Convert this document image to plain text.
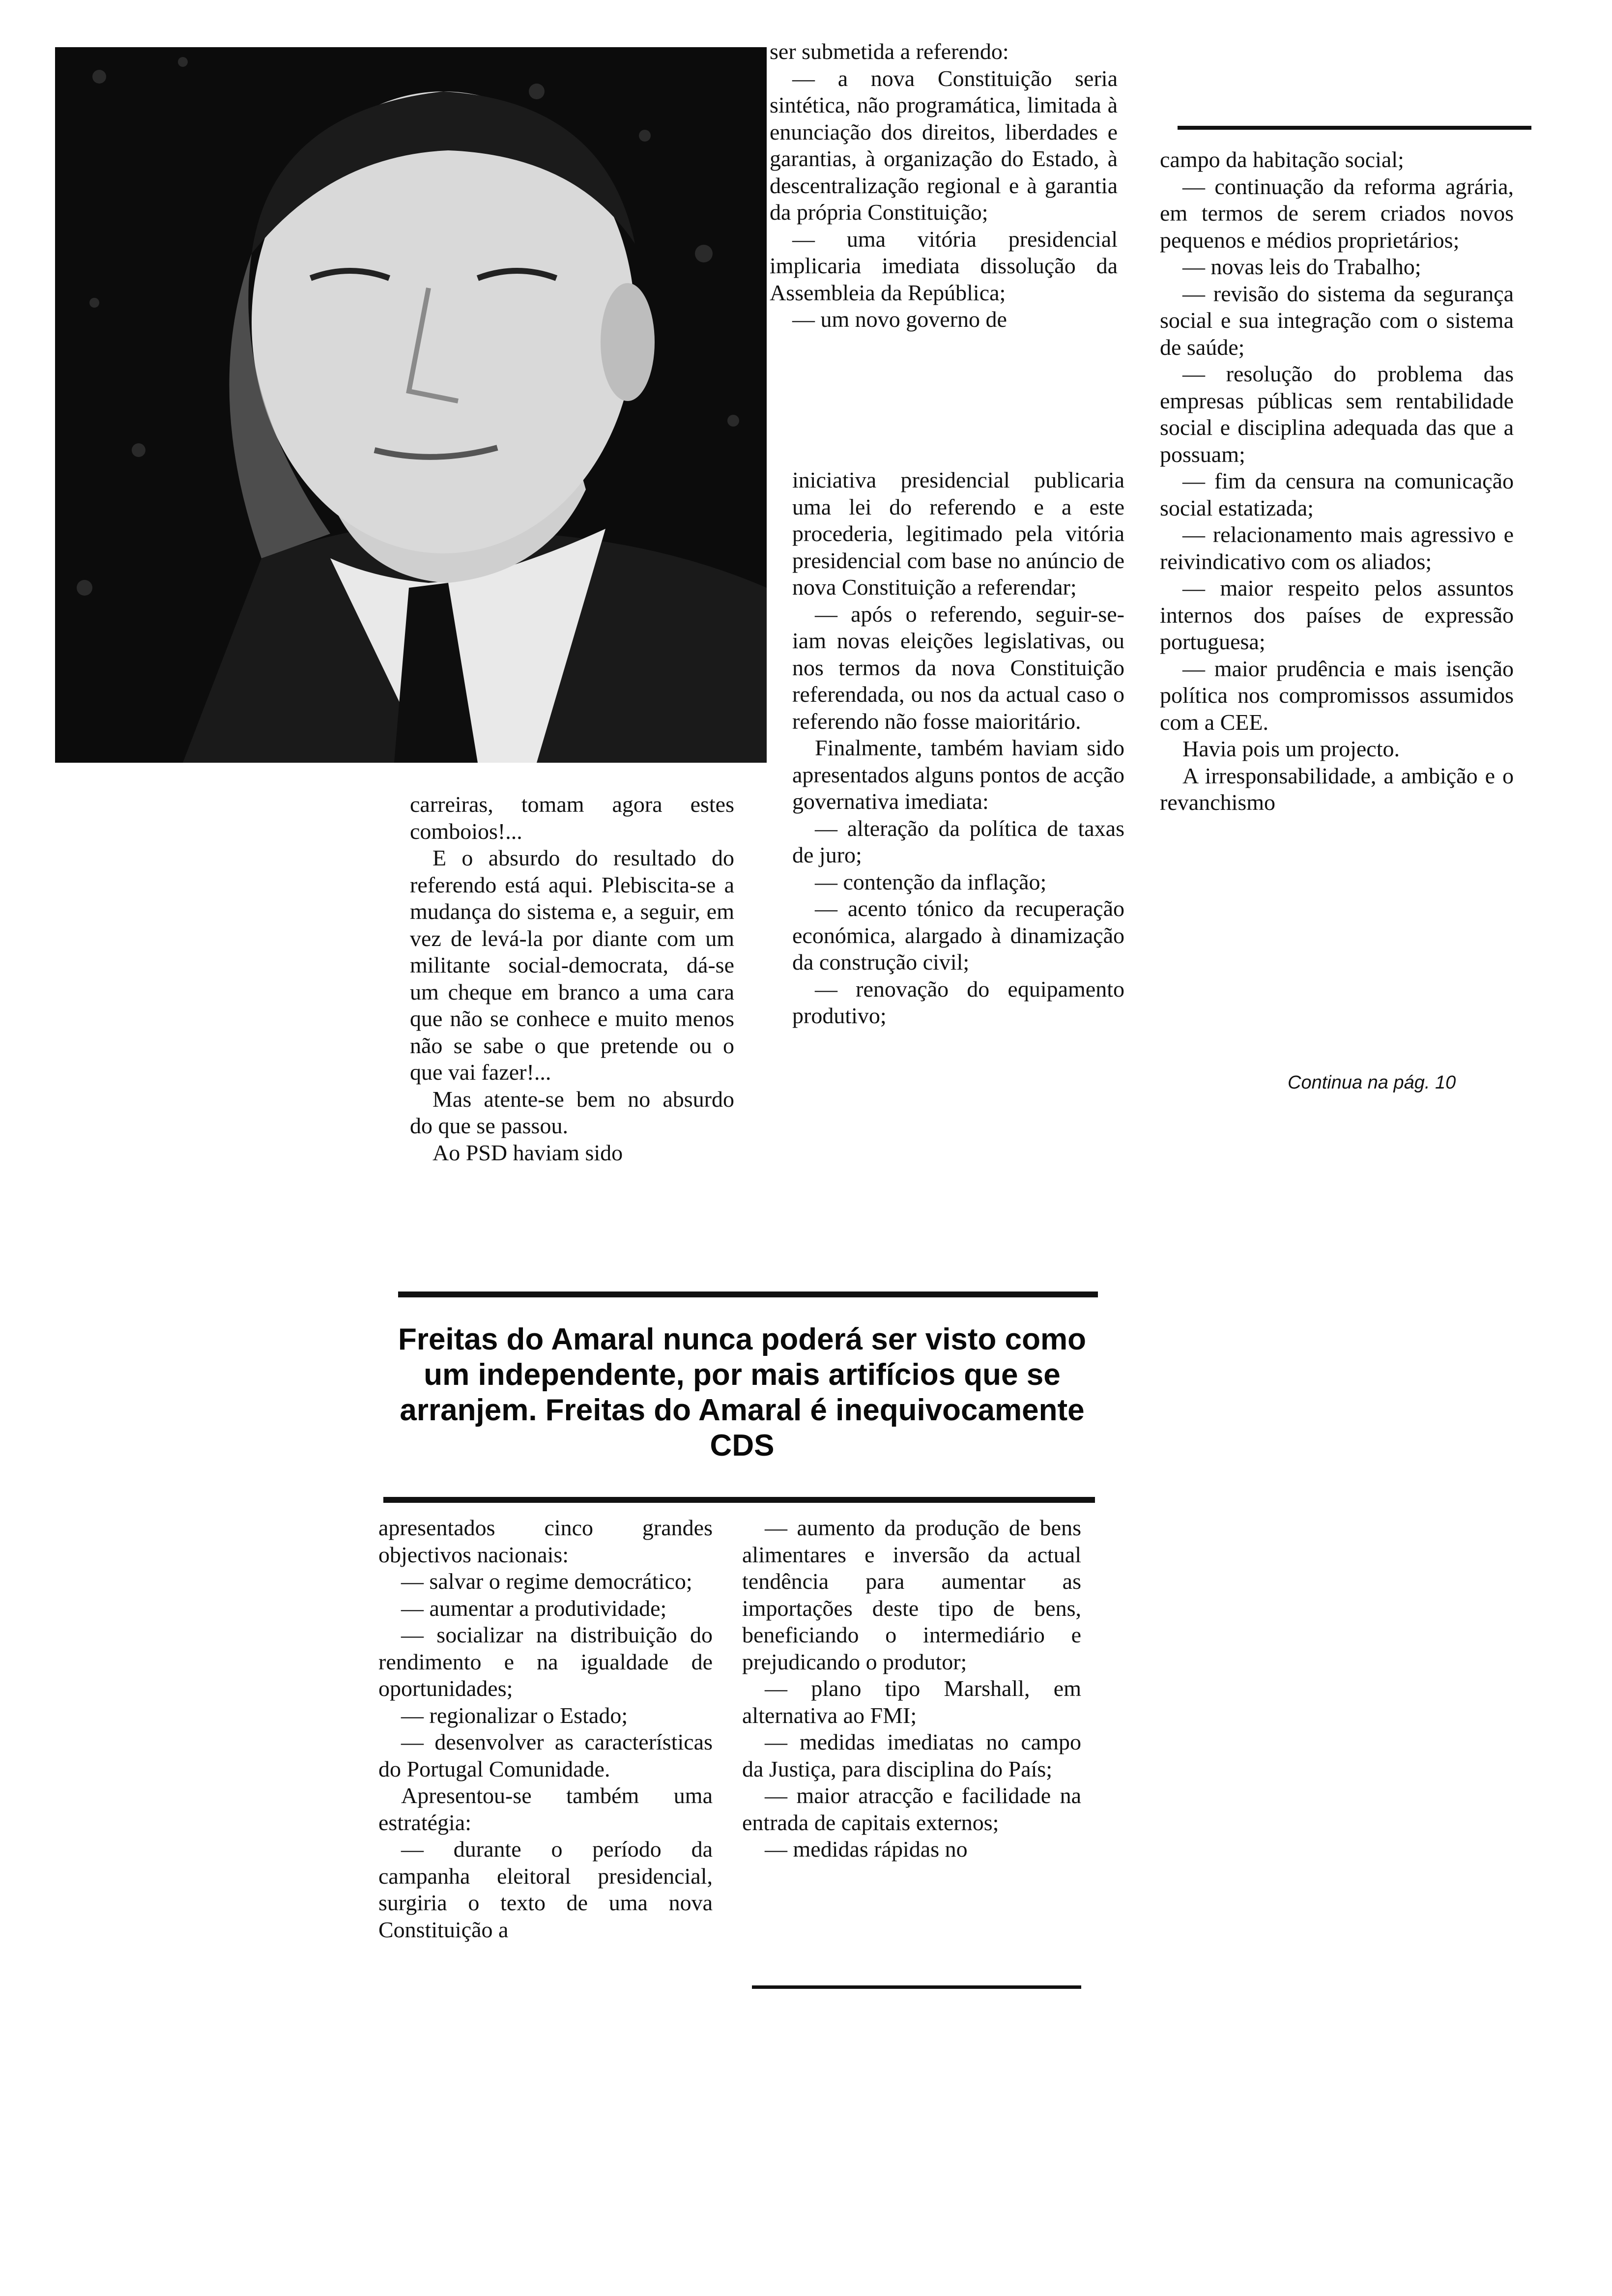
ser submetida a referendo:

— a nova Constituição seria sintética, não programática, limitada à enunciação dos direitos, liberdades e garantias, à organização do Estado, à descentralização regional e à garantia da própria Constituição;

— uma vitória presidencial implicaria imediata dissolução da Assembleia da República;

— um novo governo de

iniciativa presidencial publicaria uma lei do referendo e a este procederia, legitimado pela vitória presidencial com base no anúncio de nova Constituição a referendar;

— após o referendo, seguir-se-iam novas eleições legislativas, ou nos termos da nova Constituição referendada, ou nos da actual caso o referendo não fosse maioritário.

Finalmente, também haviam sido apresentados alguns pontos de acção governativa imediata:

— alteração da política de taxas de juro;

— contenção da inflação;

— acento tónico da recuperação económica, alargado à dinamização da construção civil;

— renovação do equipamento produtivo;

carreiras, tomam agora estes comboios!...

E o absurdo do resultado do referendo está aqui. Plebiscita-se a mudança do sistema e, a seguir, em vez de levá-la por diante com um militante social-democrata, dá-se um cheque em branco a uma cara que não se conhece e muito menos não se sabe o que pretende ou o que vai fazer!...

Mas atente-se bem no absurdo do que se passou.

Ao PSD haviam sido

campo da habitação social;

— continuação da reforma agrária, em termos de serem criados novos pequenos e médios proprietários;

— novas leis do Trabalho;

— revisão do sistema da segurança social e sua integração com o sistema de saúde;

— resolução do problema das empresas públicas sem rentabilidade social e disciplina adequada das que a possuam;

— fim da censura na comunicação social estatizada;

— relacionamento mais agressivo e reivindicativo com os aliados;

— maior respeito pelos assuntos internos dos países de expressão portuguesa;

— maior prudência e mais isenção política nos compromissos assumidos com a CEE.

Havia pois um projecto.

A irresponsabilidade, a ambição e o revanchismo

Continua na pág. 10

Freitas do Amaral nunca poderá ser visto como um independente, por mais artifícios que se arranjem. Freitas do Amaral é inequivocamente CDS

apresentados cinco grandes objectivos nacionais:

— salvar o regime democrático;

— aumentar a produtividade;

— socializar na distribuição do rendimento e na igualdade de oportunidades;

— regionalizar o Estado;

— desenvolver as características do Portugal Comunidade.

Apresentou-se também uma estratégia:

— durante o período da campanha eleitoral presidencial, surgiria o texto de uma nova Constituição a

— aumento da produção de bens alimentares e inversão da actual tendência para aumentar as importações deste tipo de bens, beneficiando o intermediário e prejudicando o produtor;

— plano tipo Marshall, em alternativa ao FMI;

— medidas imediatas no campo da Justiça, para disciplina do País;

— maior atracção e facilidade na entrada de capitais externos;

— medidas rápidas no
